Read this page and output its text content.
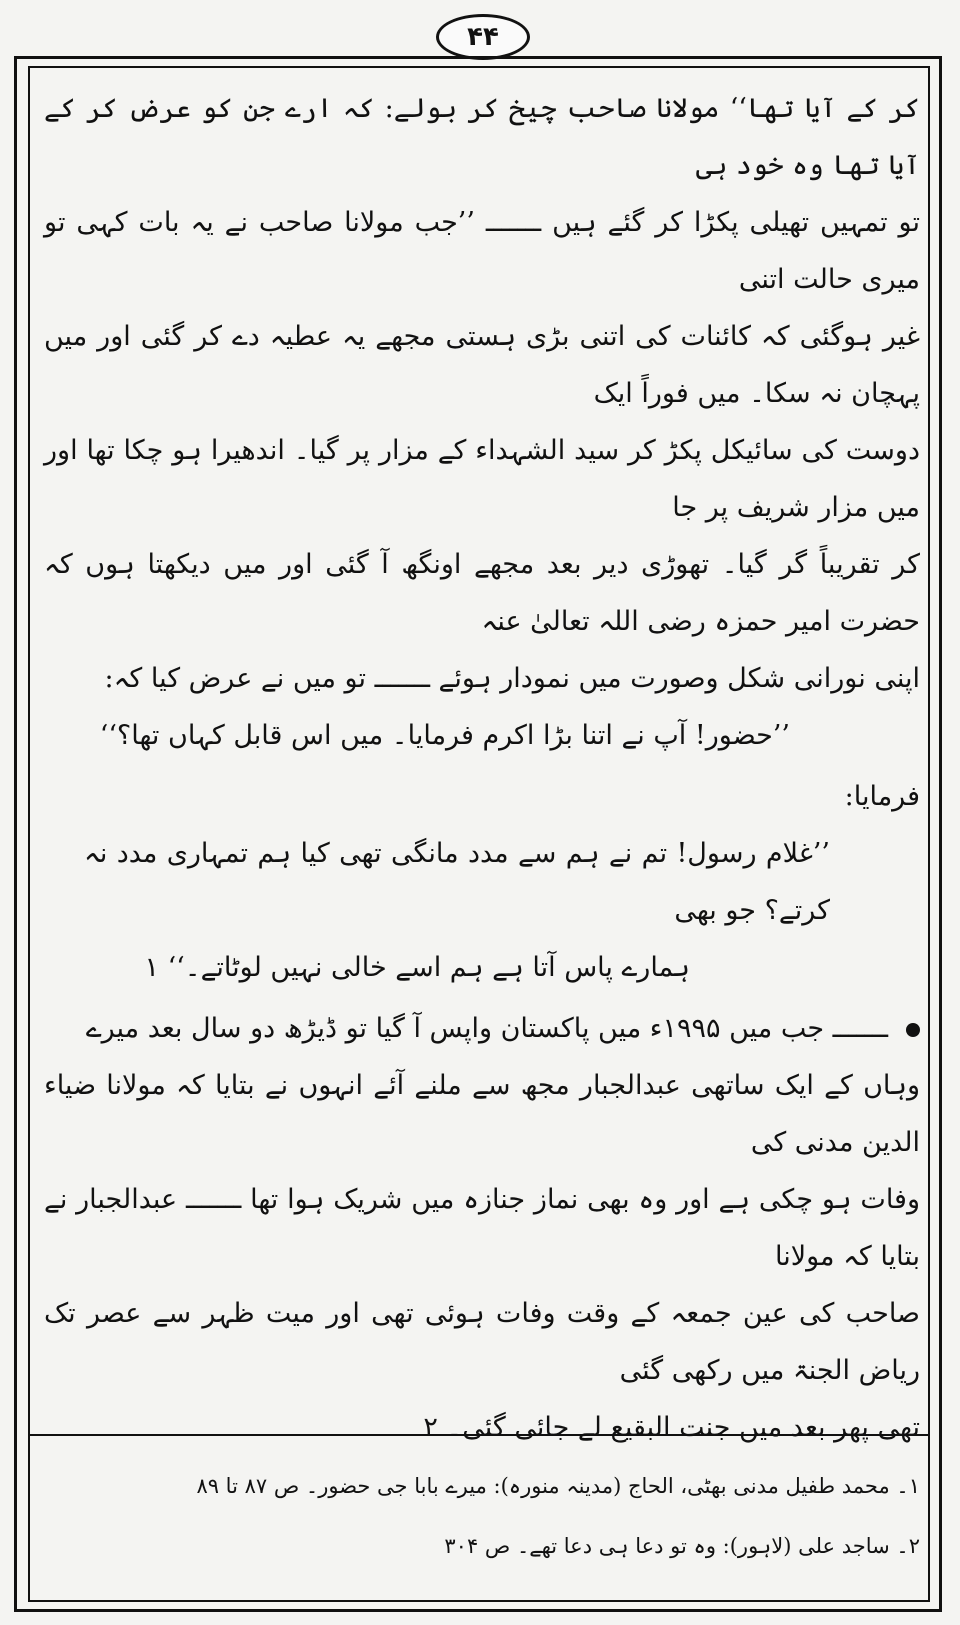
۴۴

کر کے آیا تھا‘‘ مولانا صاحب چیخ کر بولے: کہ ارے جن کو عرض کر کے آیا تھا وہ خود ہی

تو تمہیں تھیلی پکڑا کر گئے ہیں ـــــــ ’’جب مولانا صاحب نے یہ بات کہی تو میری حالت اتنی

غیر ہوگئی کہ کائنات کی اتنی بڑی ہستی مجھے یہ عطیہ دے کر گئی اور میں پہچان نہ سکا۔ میں فوراً ایک

دوست کی سائیکل پکڑ کر سید الشہداء کے مزار پر گیا۔ اندھیرا ہو چکا تھا اور میں مزار شریف پر جا

کر تقریباً گر گیا۔ تھوڑی دیر بعد مجھے اونگھ آ گئی اور میں دیکھتا ہوں کہ حضرت امیر حمزہ رضی اللہ تعالیٰ عنہ

اپنی نورانی شکل وصورت میں نمودار ہوئے ـــــــ تو میں نے عرض کیا کہ:

’’حضور! آپ نے اتنا بڑا اکرم فرمایا۔ میں اس قابل کہاں تھا؟‘‘

فرمایا:

’’غلام رسول! تم نے ہم سے مدد مانگی تھی کیا ہم تمہاری مدد نہ کرتے؟ جو بھی

ہمارے پاس آتا ہے ہم اسے خالی نہیں لوٹاتے۔‘‘ ۱

ـــــــ جب میں ۱۹۹۵ء میں پاکستان واپس آ گیا تو ڈیڑھ دو سال بعد میرے

وہاں کے ایک ساتھی عبدالجبار مجھ سے ملنے آئے انہوں نے بتایا کہ مولانا ضیاء الدین مدنی کی

وفات ہو چکی ہے اور وہ بھی نماز جنازہ میں شریک ہوا تھا ـــــــ عبدالجبار نے بتایا کہ مولانا

صاحب کی عین جمعہ کے وقت وفات ہوئی تھی اور میت ظہر سے عصر تک ریاض الجنۃ میں رکھی گئی

تھی پھر بعد میں جنت البقیع لے جائی گئی۔ ۲

۱۔ محمد طفیل مدنی بھٹی، الحاج (مدینہ منورہ): میرے بابا جی حضور۔ ص ۸۷ تا ۸۹

۲۔ ساجد علی (لاہور): وہ تو دعا ہی دعا تھے۔ ص ۳۰۴
